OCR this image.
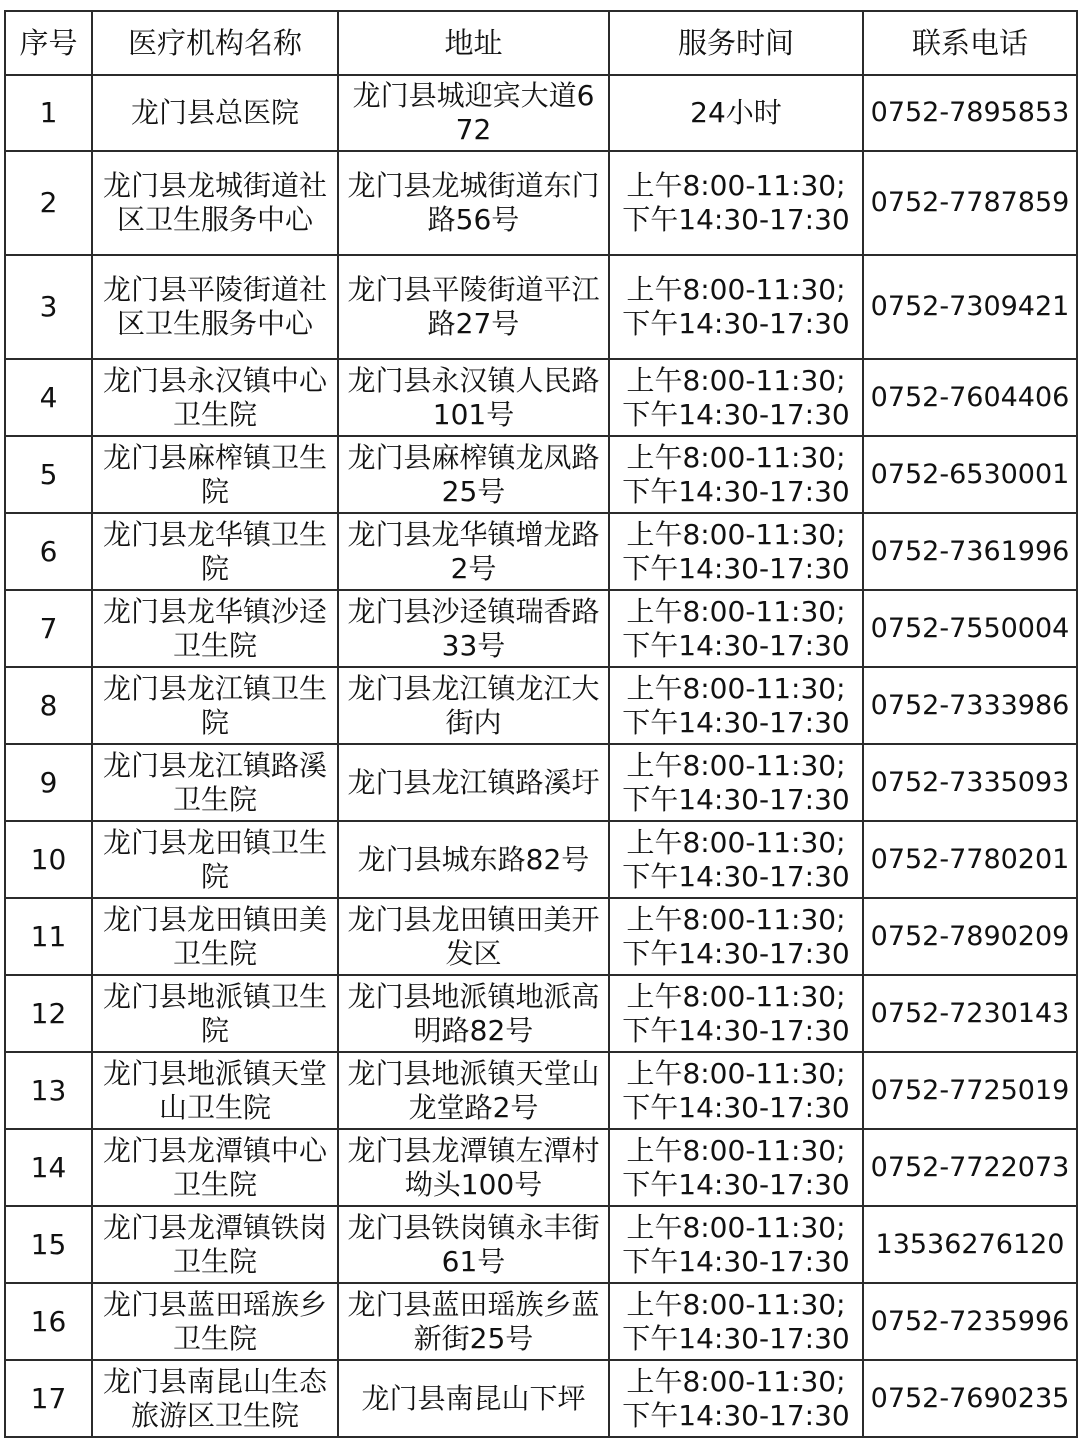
序号	医疗机构名称	地址	服务时间	联系电话
1	龙门县总医院	龙门县城迎宾大道672	24小时	0752-7895853
2	龙门县龙城街道社区卫生服务中心	龙门县龙城街道东门路56号	上午8:00-11:30;
下午14:30-17:30	0752-7787859
3	龙门县平陵街道社区卫生服务中心	龙门县平陵街道平江路27号	上午8:00-11:30;
下午14:30-17:30	0752-7309421
4	龙门县永汉镇中心卫生院	龙门县永汉镇人民路101号	上午8:00-11:30;
下午14:30-17:30	0752-7604406
5	龙门县麻榨镇卫生院	龙门县麻榨镇龙凤路25号	上午8:00-11:30;
下午14:30-17:30	0752-6530001
6	龙门县龙华镇卫生院	龙门县龙华镇增龙路2号	上午8:00-11:30;
下午14:30-17:30	0752-7361996
7	龙门县龙华镇沙迳卫生院	龙门县沙迳镇瑞香路33号	上午8:00-11:30;
下午14:30-17:30	0752-7550004
8	龙门县龙江镇卫生院	龙门县龙江镇龙江大街内	上午8:00-11:30;
下午14:30-17:30	0752-7333986
9	龙门县龙江镇路溪卫生院	龙门县龙江镇路溪圩	上午8:00-11:30;
下午14:30-17:30	0752-7335093
10	龙门县龙田镇卫生院	龙门县城东路82号	上午8:00-11:30;
下午14:30-17:30	0752-7780201
11	龙门县龙田镇田美卫生院	龙门县龙田镇田美开发区	上午8:00-11:30;
下午14:30-17:30	0752-7890209
12	龙门县地派镇卫生院	龙门县地派镇地派高明路82号	上午8:00-11:30;
下午14:30-17:30	0752-7230143
13	龙门县地派镇天堂山卫生院	龙门县地派镇天堂山龙堂路2号	上午8:00-11:30;
下午14:30-17:30	0752-7725019
14	龙门县龙潭镇中心卫生院	龙门县龙潭镇左潭村坳头100号	上午8:00-11:30;
下午14:30-17:30	0752-7722073
15	龙门县龙潭镇铁岗卫生院	龙门县铁岗镇永丰街61号	上午8:00-11:30;
下午14:30-17:30	13536276120
16	龙门县蓝田瑶族乡卫生院	龙门县蓝田瑶族乡蓝新街25号	上午8:00-11:30;
下午14:30-17:30	0752-7235996
17	龙门县南昆山生态旅游区卫生院	龙门县南昆山下坪	上午8:00-11:30;
下午14:30-17:30	0752-7690235
